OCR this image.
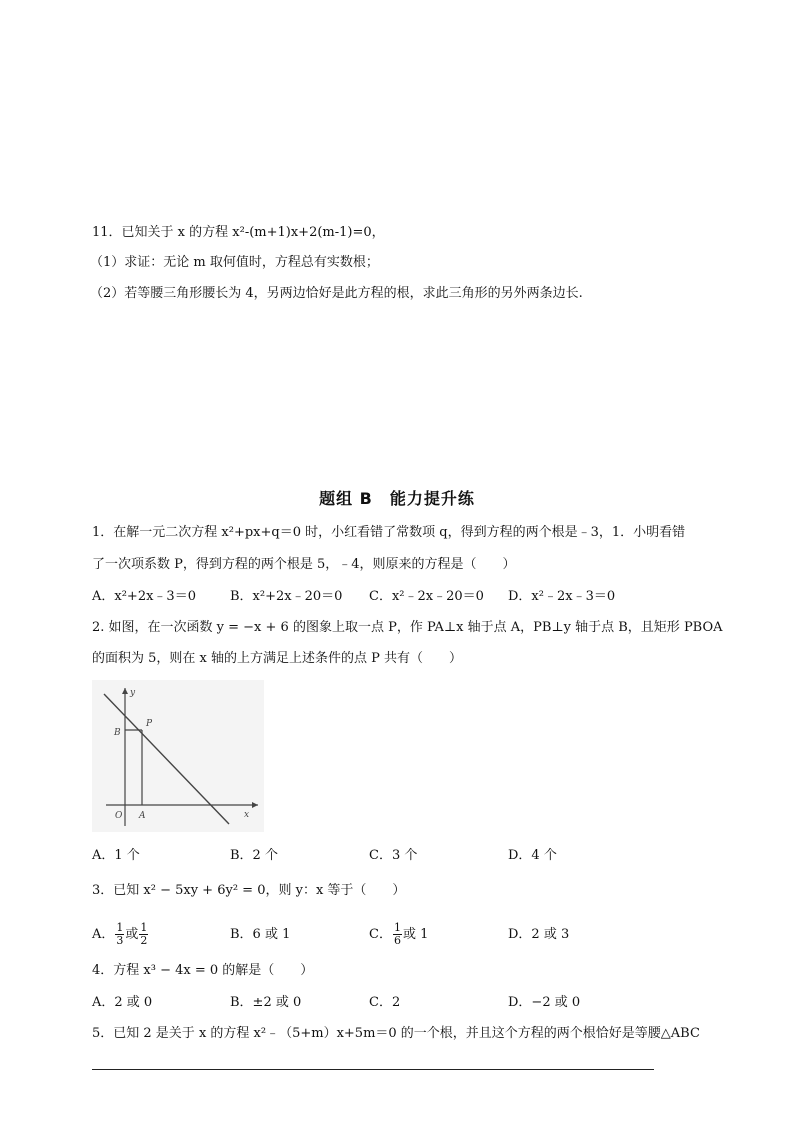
11．已知关于 x 的方程 x²-(m+1)x+2(m-1)=0，
（1）求证：无论 m 取何值时，方程总有实数根；
（2）若等腰三角形腰长为 4，另两边恰好是此方程的根，求此三角形的另外两条边长.
题组 B　能力提升练
1．在解一元二次方程 x²+px+q＝0 时，小红看错了常数项 q，得到方程的两个根是﹣3，1．小明看错
了一次项系数 P，得到方程的两个根是 5，﹣4，则原来的方程是（　　）
A．x²+2x﹣3＝0	B．x²+2x﹣20＝0 C．x²﹣2x﹣20＝0 D．x²﹣2x﹣3＝0
2. 如图，在一次函数 y = −x + 6 的图象上取一点 P，作 PA⊥x 轴于点 A，PB⊥y 轴于点 B，且矩形 PBOA
的面积为 5，则在 x 轴的上方满足上述条件的点 P 共有（　　）
y
x
O A
B
P
A．1 个	B．2 个	C．3 个	D．4 个
3．已知 x² − 5xy + 6y² = 0，则 y：x 等于（　　）
A． $\frac{1}{3}$ 或 $\frac{1}{2}$	B．6 或 1	C． $\frac{1}{6}$ 或 1	D．2 或 3
4．方程 x³ − 4x = 0 的解是（　　）
A．2 或 0	B．±2 或 0	C．2	D．−2 或 0
5．已知 2 是关于 x 的方程 x²﹣（5+m）x+5m＝0 的一个根，并且这个方程的两个根恰好是等腰△ABC
